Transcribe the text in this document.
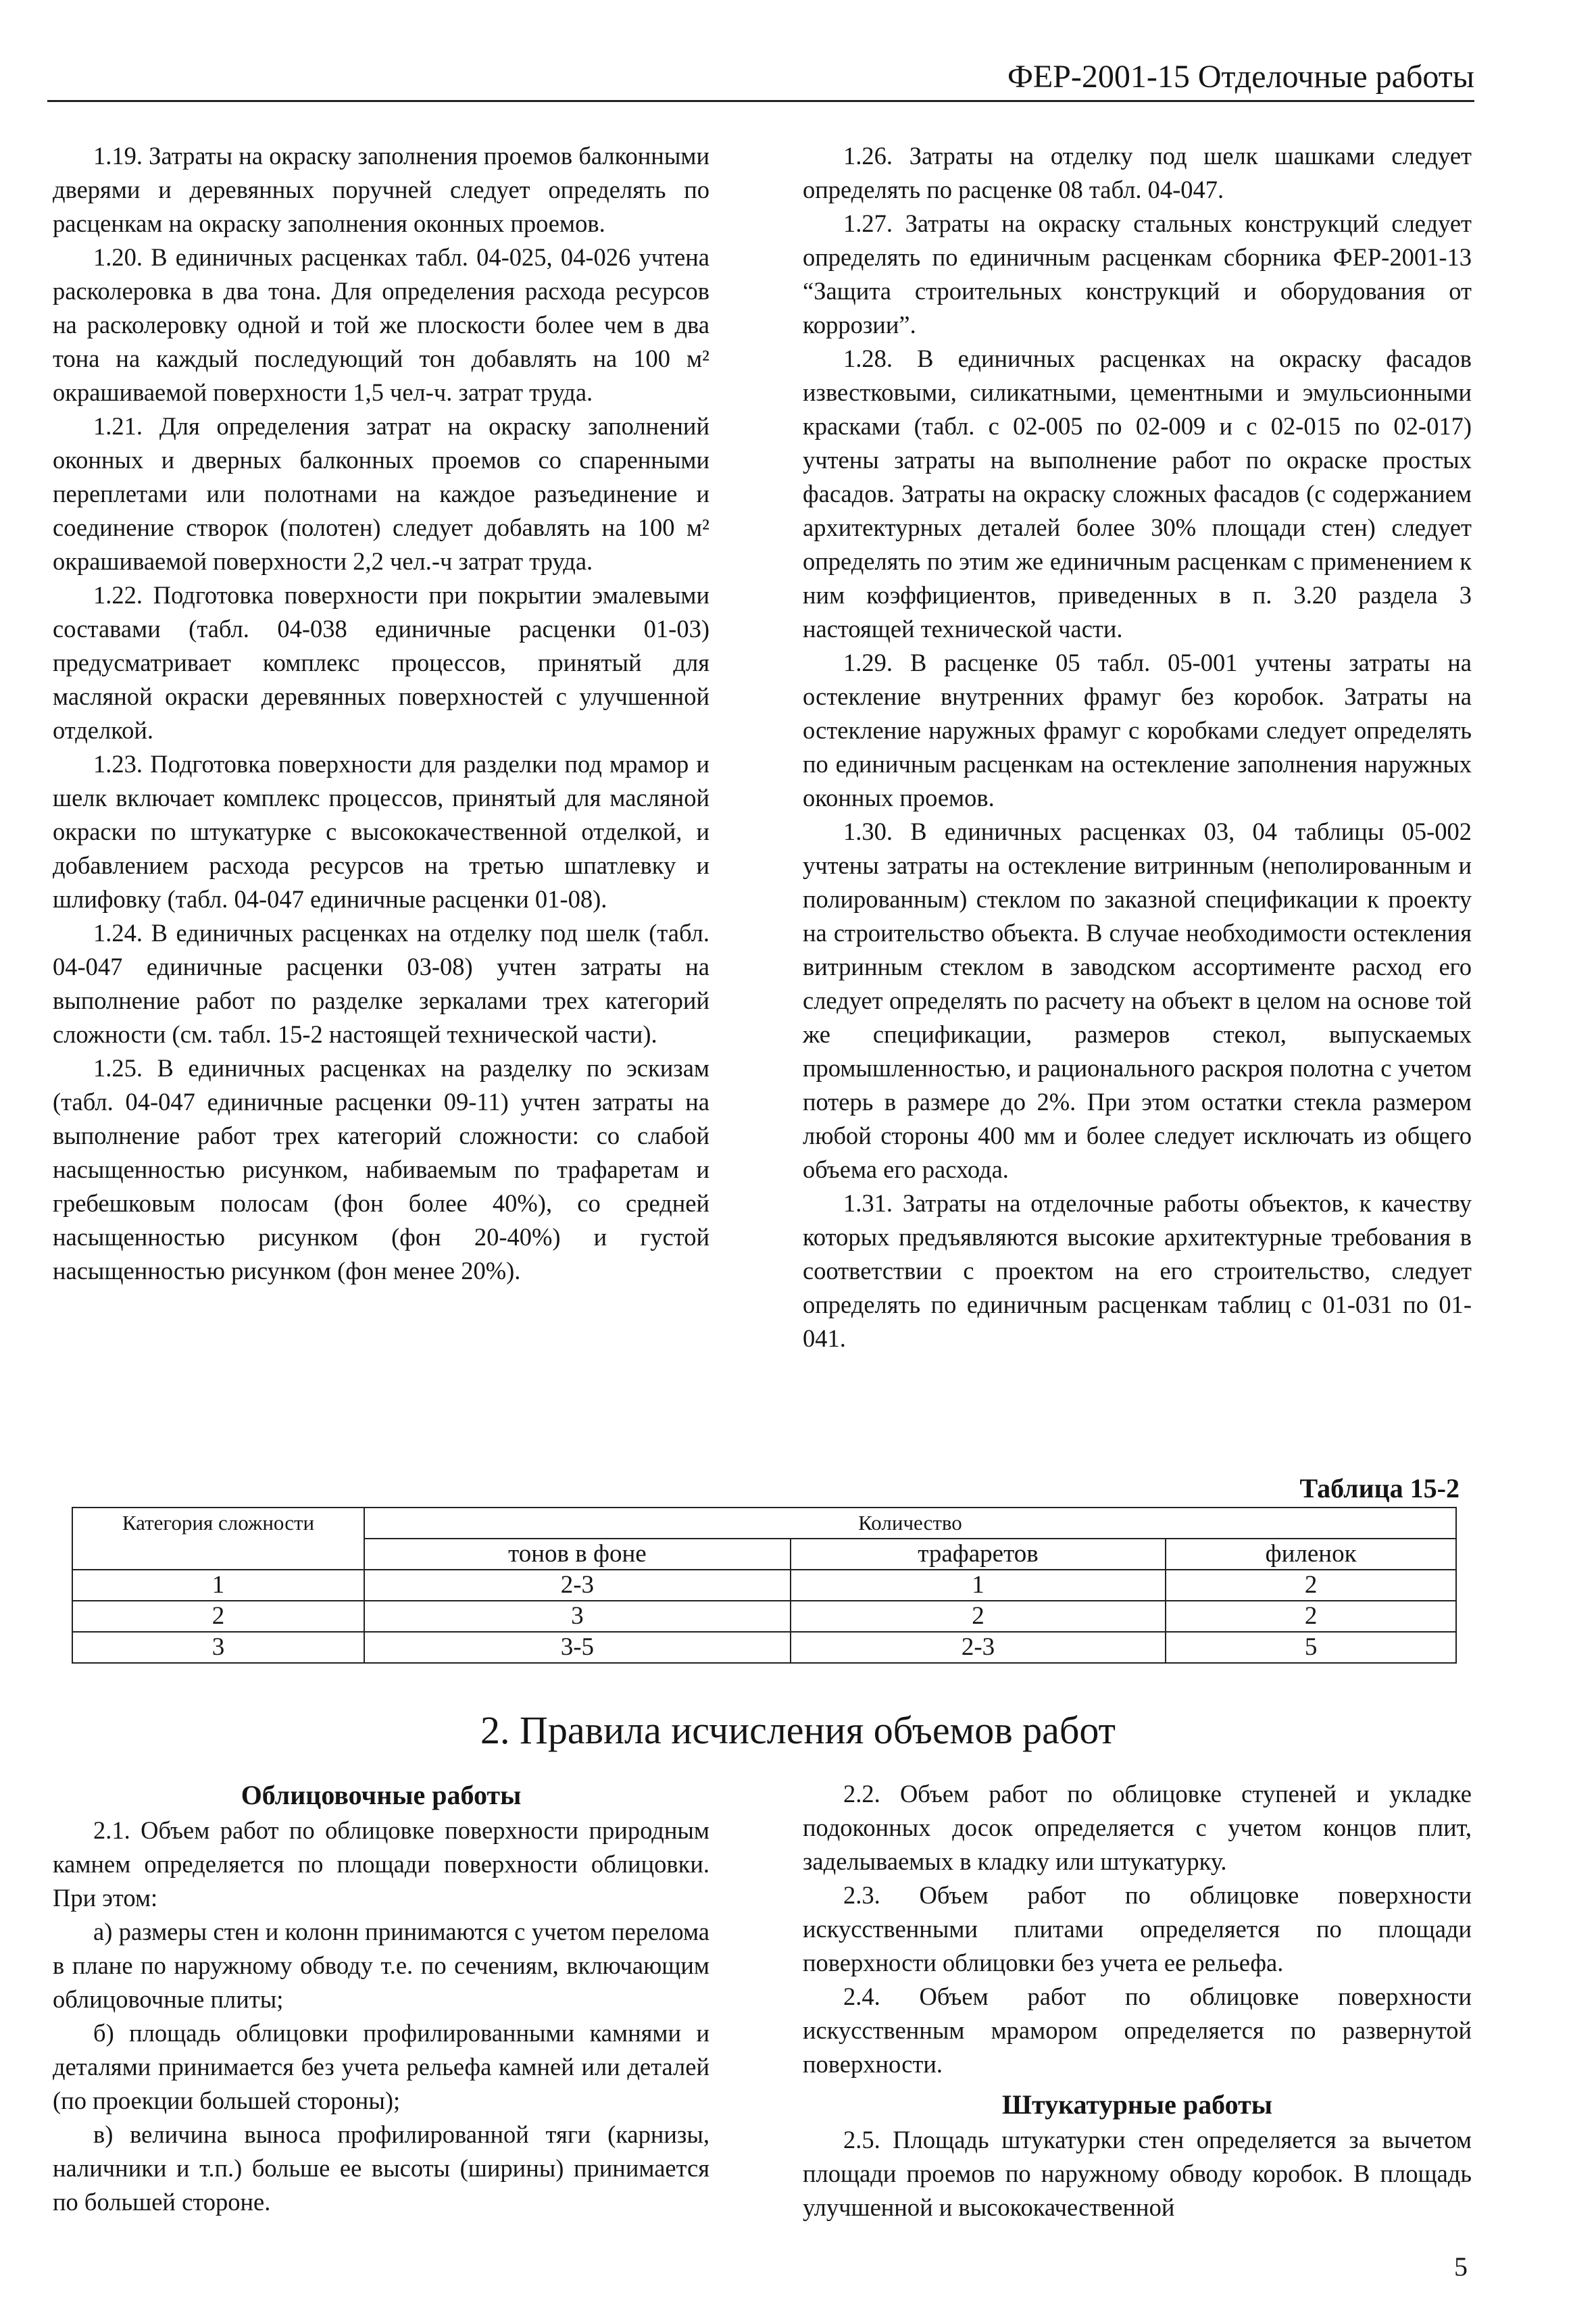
ФЕР-2001-15 Отделочные работы

1.19. Затраты на окраску заполнения проемов балконными дверями и деревянных поручней следует определять по расценкам на окраску заполнения оконных проемов.

1.20. В единичных расценках табл. 04-025, 04-026 учтена расколеровка в два тона. Для определения расхода ресурсов на расколеровку одной и той же плоскости более чем в два тона на каждый последующий тон добавлять на 100 м² окрашиваемой поверхности 1,5 чел-ч. затрат труда.

1.21. Для определения затрат на окраску заполнений оконных и дверных балконных проемов со спаренными переплетами или полотнами на каждое разъединение и соединение створок (полотен) следует добавлять на 100 м² окрашиваемой поверхности 2,2 чел.-ч затрат труда.

1.22. Подготовка поверхности при покрытии эмалевыми составами (табл. 04-038 единичные расценки 01-03) предусматривает комплекс процессов, принятый для масляной окраски деревянных поверхностей с улучшенной отделкой.

1.23. Подготовка поверхности для разделки под мрамор и шелк включает комплекс процессов, принятый для масляной окраски по штукатурке с высококачественной отделкой, и добавлением расхода ресурсов на третью шпатлевку и шлифовку (табл. 04-047 единичные расценки 01-08).

1.24. В единичных расценках на отделку под шелк (табл. 04-047 единичные расценки 03-08) учтен затраты на выполнение работ по разделке зеркалами трех категорий сложности (см. табл. 15-2 настоящей технической части).

1.25. В единичных расценках на разделку по эскизам (табл. 04-047 единичные расценки 09-11) учтен затраты на выполнение работ трех категорий сложности: со слабой насыщенностью рисунком, набиваемым по трафаретам и гребешковым полосам (фон более 40%), со средней насыщенностью рисунком (фон 20-40%) и густой насыщенностью рисунком (фон менее 20%).

1.26. Затраты на отделку под шелк шашками следует определять по расценке 08 табл. 04-047.

1.27. Затраты на окраску стальных конструкций следует определять по единичным расценкам сборника ФЕР-2001-13 “Защита строительных конструкций и оборудования от коррозии”.

1.28. В единичных расценках на окраску фасадов известковыми, силикатными, цементными и эмульсионными красками (табл. с 02-005 по 02-009 и с 02-015 по 02-017) учтены затраты на выполнение работ по окраске простых фасадов. Затраты на окраску сложных фасадов (с содержанием архитектурных деталей более 30% площади стен) следует определять по этим же единичным расценкам с применением к ним коэффициентов, приведенных в п. 3.20 раздела 3 настоящей технической части.

1.29. В расценке 05 табл. 05-001 учтены затраты на остекление внутренних фрамуг без коробок. Затраты на остекление наружных фрамуг с коробками следует определять по единичным расценкам на остекление заполнения наружных оконных проемов.

1.30. В единичных расценках 03, 04 таблицы 05-002 учтены затраты на остекление витринным (неполированным и полированным) стеклом по заказной спецификации к проекту на строительство объекта. В случае необходимости остекления витринным стеклом в заводском ассортименте расход его следует определять по расчету на объект в целом на основе той же спецификации, размеров стекол, выпускаемых промышленностью, и рационального раскроя полотна с учетом потерь в размере до 2%. При этом остатки стекла размером любой стороны 400 мм и более следует исключать из общего объема его расхода.

1.31. Затраты на отделочные работы объектов, к качеству которых предъявляются высокие архитектурные требования в соответствии с проектом на его строительство, следует определять по единичным расценкам таблиц с 01-031 по 01-041.

Таблица 15-2
Категория сложности	Количество		
	тонов в фоне	трафаретов	филенок
1	2-3	1	2
2	3	2	2
3	3-5	2-3	5
2. Правила исчисления объемов работ

Облицовочные работы

2.1. Объем работ по облицовке поверхности природным камнем определяется по площади поверхности облицовки. При этом:

а) размеры стен и колонн принимаются с учетом перелома в плане по наружному обводу т.е. по сечениям, включающим облицовочные плиты;

б) площадь облицовки профилированными камнями и деталями принимается без учета рельефа камней или деталей (по проекции большей стороны);

в) величина выноса профилированной тяги (карнизы, наличники и т.п.) больше ее высоты (ширины) принимается по большей стороне.

2.2. Объем работ по облицовке ступеней и укладке подоконных досок определяется с учетом концов плит, заделываемых в кладку или штукатурку.

2.3. Объем работ по облицовке поверхности искусственными плитами определяется по площади поверхности облицовки без учета ее рельефа.

2.4. Объем работ по облицовке поверхности искусственным мрамором определяется по развернутой поверхности.

Штукатурные работы

2.5. Площадь штукатурки стен определяется за вычетом площади проемов по наружному обводу коробок. В площадь улучшенной и высококачественной

5
